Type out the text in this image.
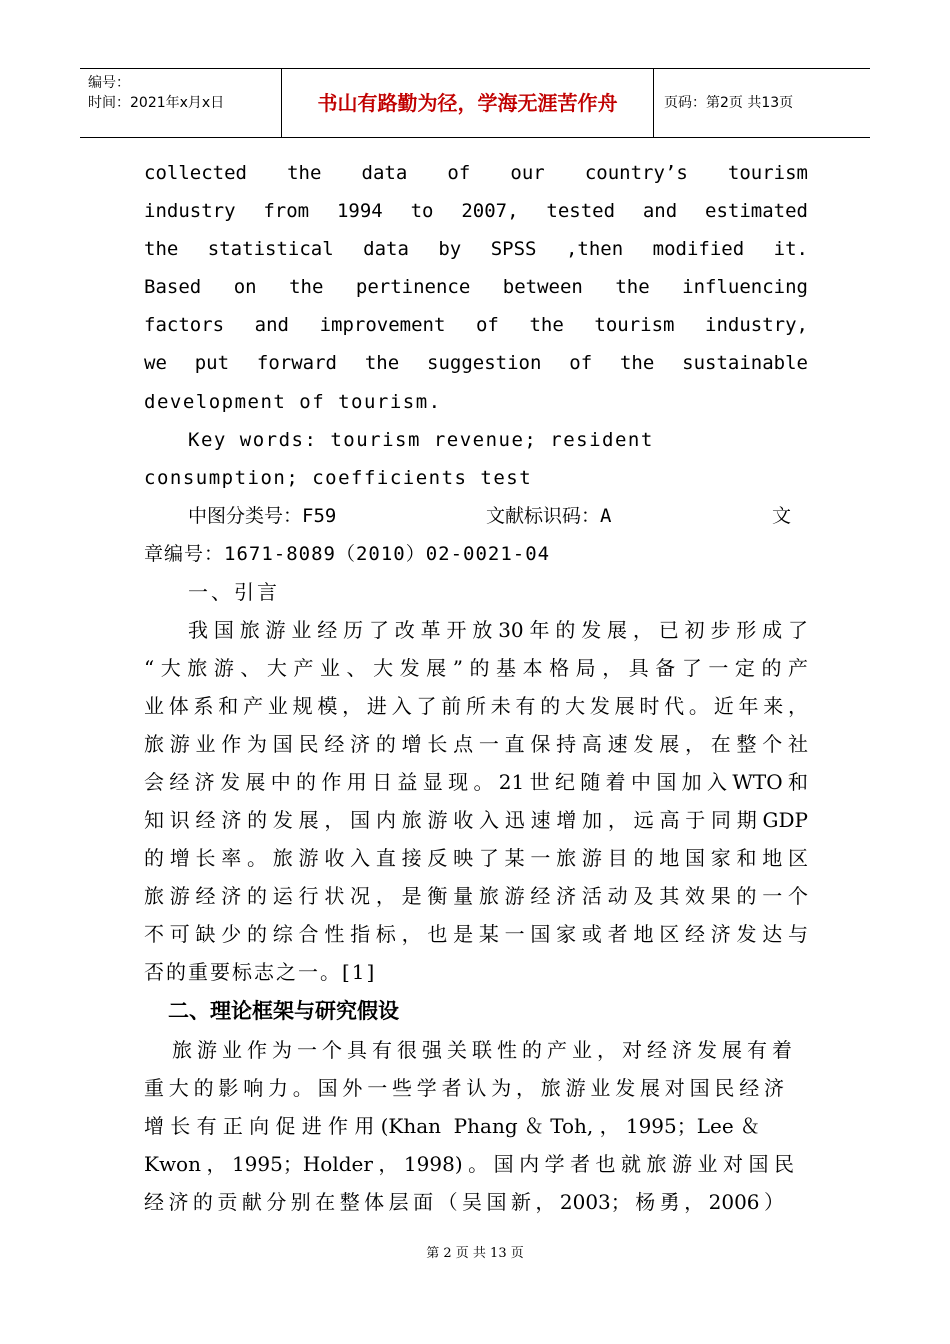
编号：
时间：2021年x月x日	书山有路勤为径，学海无涯苦作舟	页码：第2页 共13页
collected the data of our country’s tourism
industry from 1994 to 2007, tested and estimated
the statistical data by SPSS ,then modified it.
Based on the pertinence between the influencing
factors and improvement of the tourism industry,
we put forward the suggestion of the sustainable
development of tourism.
Key words: tourism revenue; resident
consumption; coefficients test
中图分类号：F59	文献标识码：A	文
章编号：1671-8089（2010）02-0021-04
一、引言
我国旅游业经历了改革开放30年的发展，已初步形成了
“大旅游、大产业、大发展”的基本格局，具备了一定的产
业体系和产业规模，进入了前所未有的大发展时代。近年来，
旅游业作为国民经济的增长点一直保持高速发展，在整个社
会经济发展中的作用日益显现。21世纪随着中国加入WTO和
知识经济的发展，国内旅游收入迅速增加，远高于同期GDP
的增长率。旅游收入直接反映了某一旅游目的地国家和地区
旅游经济的运行状况，是衡量旅游经济活动及其效果的一个
不可缺少的综合性指标，也是某一国家或者地区经济发达与
否的重要标志之一。[1]
二、理论框架与研究假设
旅游业作为一个具有很强关联性的产业，对经济发展有着
重大的影响力。国外一些学者认为，旅游业发展对国民经济
增长有正向促进作用(Khan Phang＆Toh,，1995；Lee＆
Kwon，1995；Holder，1998)。国内学者也就旅游业对国民
经济的贡献分别在整体层面（吴国新，2003；杨勇，2006）
第 2 页 共 13 页
